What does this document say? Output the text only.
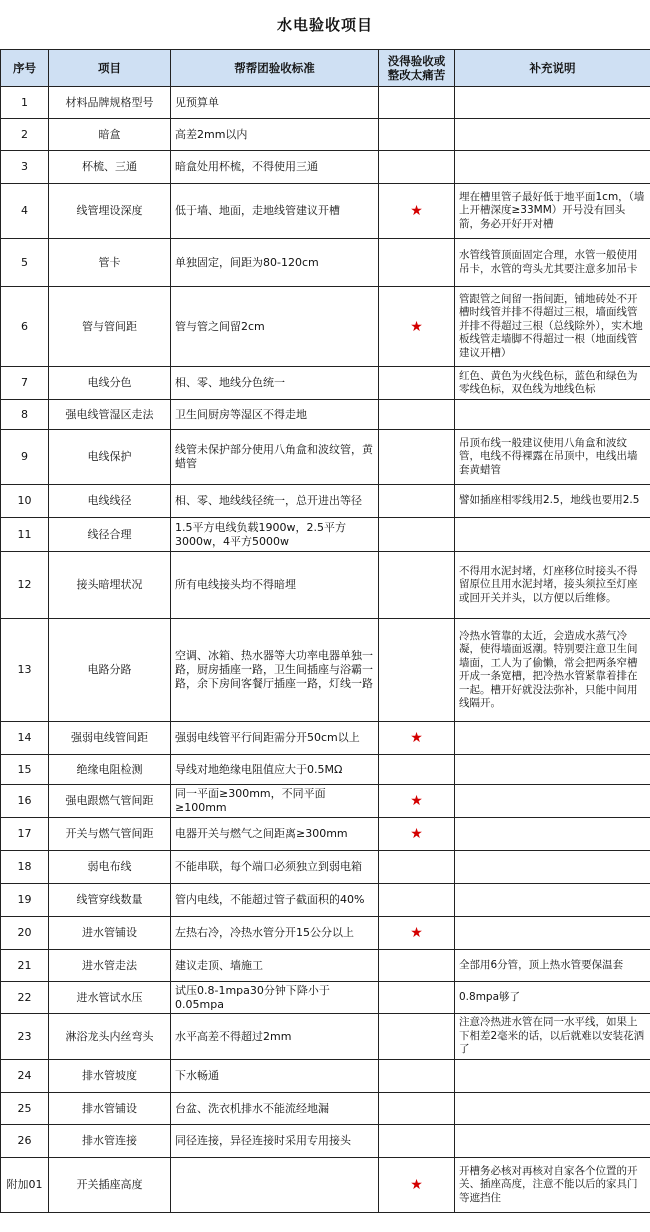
水电验收项目
序号	项目	帮帮团验收标准	没得验收或整改太痛苦	补充说明
1	材料品牌规格型号	见预算单		
2	暗盒	高差2mm以内		
3	杯梳、三通	暗盒处用杯梳，不得使用三通		
4	线管埋设深度	低于墙、地面，走地线管建议开槽	★	埋在槽里管子最好低于地平面1cm，（墙上开槽深度≥33MM）开号没有回头箭，务必开好开对槽
5	管卡	单独固定，间距为80-120cm		水管线管顶面固定合理，水管一般使用吊卡，水管的弯头尤其要注意多加吊卡
6	管与管间距	管与管之间留2cm	★	管跟管之间留一指间距，铺地砖处不开槽时线管并排不得超过三根，墙面线管并排不得超过三根（总线除外），实木地板线管走墙脚不得超过一根（地面线管建议开槽）
7	电线分色	相、零、地线分色统一		红色、黄色为火线色标，蓝色和绿色为零线色标，双色线为地线色标
8	强电线管湿区走法	卫生间厨房等湿区不得走地		
9	电线保护	线管未保护部分使用八角盒和波纹管，黄蜡管		吊顶布线一般建议使用八角盒和波纹管，电线不得裸露在吊顶中，电线出墙套黄蜡管
10	电线线径	相、零、地线线径统一，总开进出等径		譬如插座相零线用2.5，地线也要用2.5
11	线径合理	1.5平方电线负载1900w，2.5平方3000w，4平方5000w		
12	接头暗埋状况	所有电线接头均不得暗埋		不得用水泥封堵，灯座移位时接头不得留原位且用水泥封堵，接头须拉至灯座或回开关并头，以方便以后维修。
13	电路分路	空调、冰箱、热水器等大功率电器单独一路，厨房插座一路，卫生间插座与浴霸一路，余下房间客餐厅插座一路，灯线一路		冷热水管靠的太近，会造成水蒸气冷凝，使得墙面返潮。特别要注意卫生间墙面，工人为了偷懒，常会把两条窄槽开成一条宽槽，把冷热水管紧靠着排在一起。槽开好就没法弥补，只能中间用线隔开。
14	强弱电线管间距	强弱电线管平行间距需分开50cm以上	★	
15	绝缘电阻检测	导线对地绝缘电阻值应大于0.5MΩ		
16	强电跟燃气管间距	同一平面≥300mm，不同平面≥100mm	★	
17	开关与燃气管间距	电器开关与燃气之间距离≥300mm	★	
18	弱电布线	不能串联，每个端口必须独立到弱电箱		
19	线管穿线数量	管内电线，不能超过管子截面积的40%		
20	进水管铺设	左热右冷，冷热水管分开15公分以上	★	
21	进水管走法	建议走顶、墙施工		全部用6分管，顶上热水管要保温套
22	进水管试水压	试压0.8-1mpa30分钟下降小于0.05mpa		0.8mpa够了
23	淋浴龙头内丝弯头	水平高差不得超过2mm		注意冷热进水管在同一水平线，如果上下相差2毫米的话，以后就难以安装花洒了
24	排水管坡度	下水畅通		
25	排水管铺设	台盆、洗衣机排水不能流经地漏		
26	排水管连接	同径连接，异径连接时采用专用接头		
附加01	开关插座高度		★	开槽务必核对再核对自家各个位置的开关、插座高度，注意不能以后的家具门等遮挡住
